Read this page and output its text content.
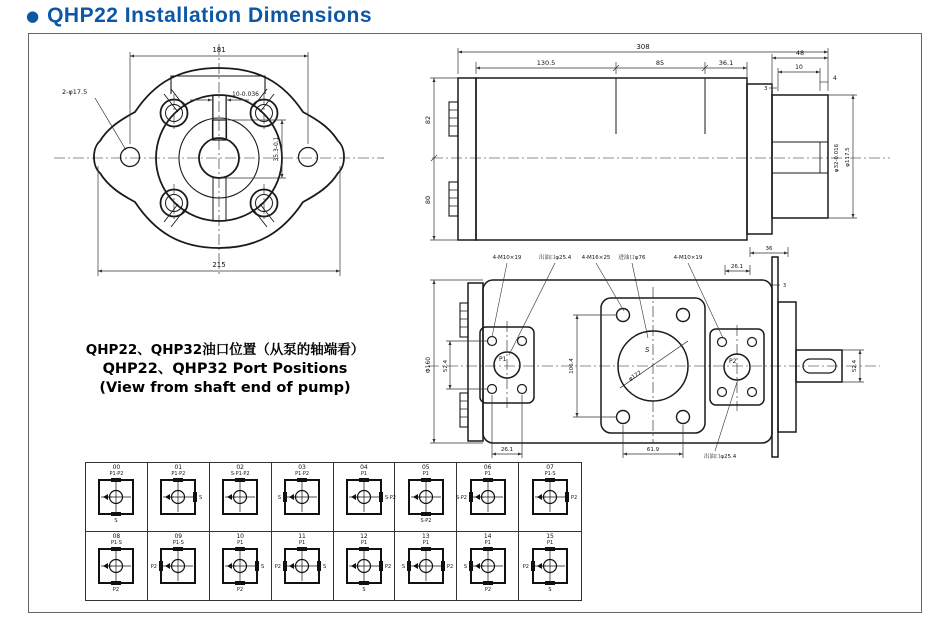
● QHP22 Installation Dimensions
181
215
2-φ17.5	10-0.036
35.3-0.1
308
130.5	85	36.1
48
10
4
3
82
80
φ32-0.016 φ117.5
QHP22、QHP32油口位置（从泵的轴端看）
QHP22、QHP32 Port Positions
(View from shaft end of pump)
4-M10×19	出油口φ25.4 4-M16×25 进油口φ76	4-M10×19
出油口φ25.4
36
26.1
3
Φ160 52.4	106.4
φ122
52.4
26.1	61.9
S
P1	P2
00
P1·P2
S
01
P1·P2
S
02
S·P1·P2
03
P1·P2
S
04
P1
S·P2
05
P1
S·P2
06
P1
S·P2
07
P1·S
P2
08
P1·S
P2
09
P1·S
P2
10
P1
S
P2
11
P1
P2	S
12
P1
P2
S
13
P1
S	P2
14
P1
S
P2
15
P1
P2
S
